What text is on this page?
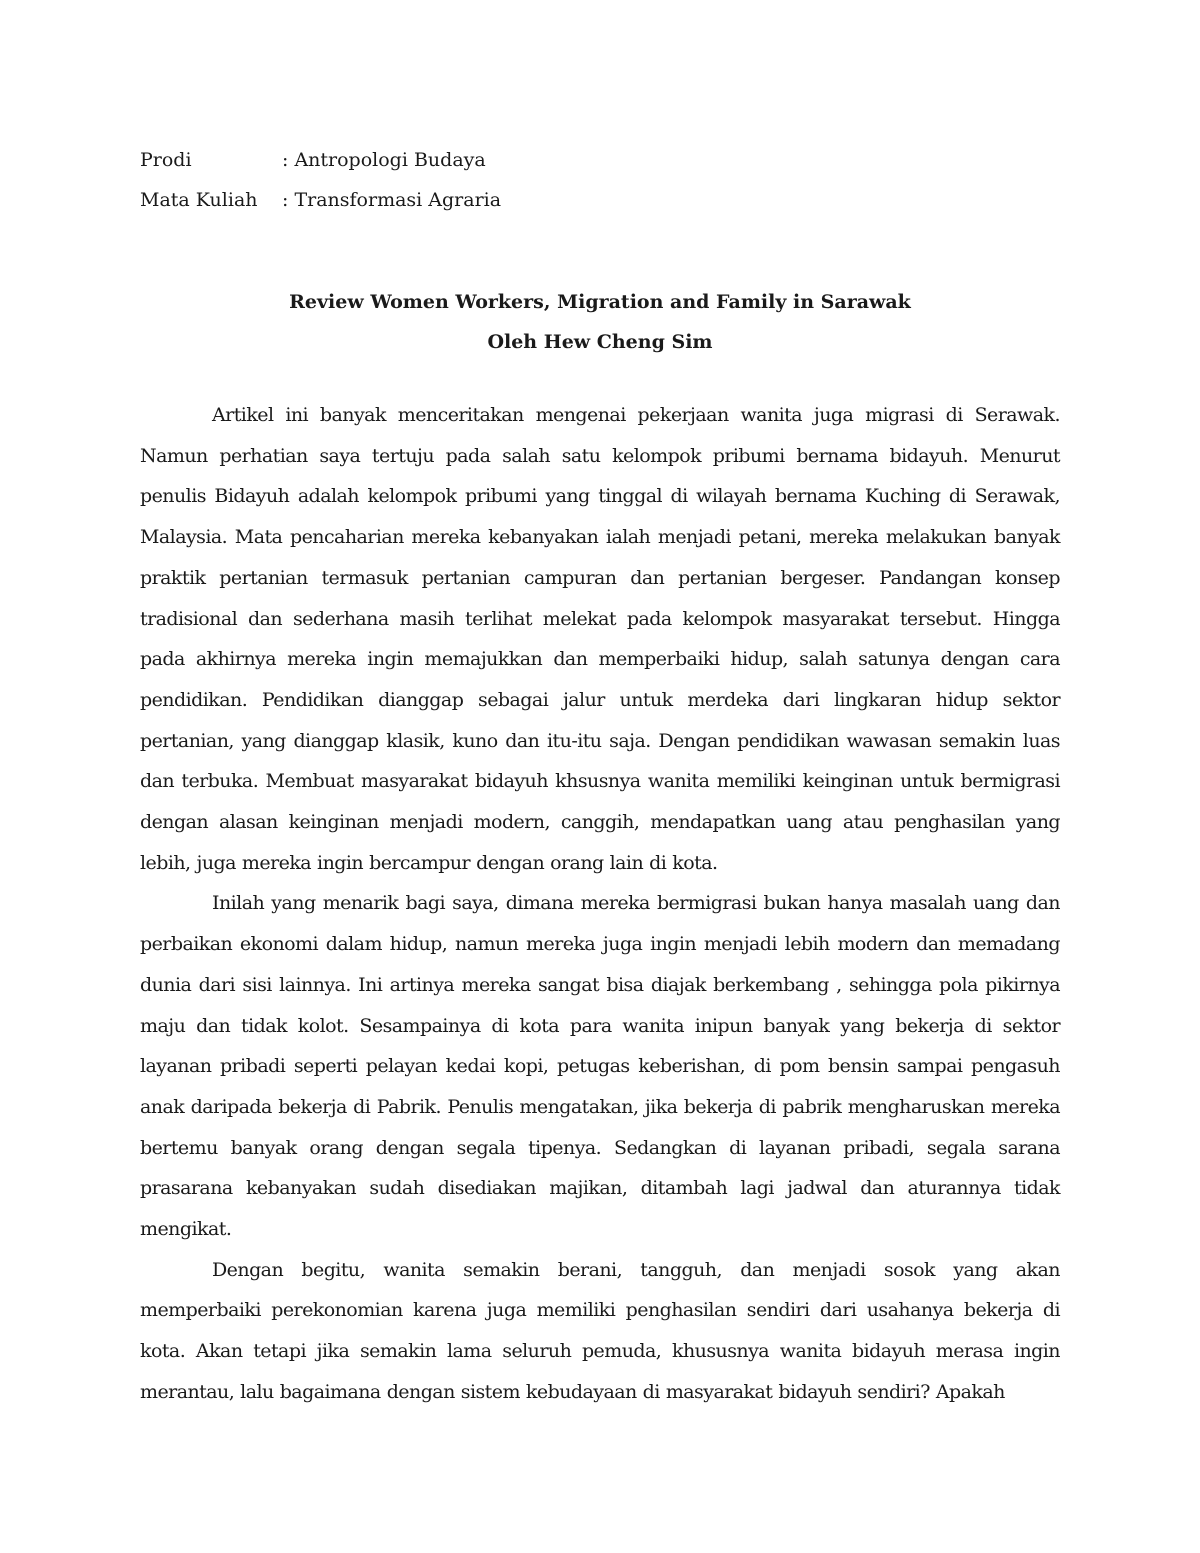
Prodi	: Antropologi Budaya
Mata Kuliah	: Transformasi Agraria
Review Women Workers, Migration and Family in Sarawak
Oleh Hew Cheng Sim

Artikel ini banyak menceritakan mengenai pekerjaan wanita juga migrasi di Serawak. Namun perhatian saya tertuju pada salah satu kelompok pribumi bernama bidayuh. Menurut penulis Bidayuh adalah kelompok pribumi yang tinggal di wilayah bernama Kuching di Serawak, Malaysia. Mata pencaharian mereka kebanyakan ialah menjadi petani, mereka melakukan banyak praktik pertanian termasuk pertanian campuran dan pertanian bergeser. Pandangan konsep tradisional dan sederhana masih terlihat melekat pada kelompok masyarakat tersebut. Hingga pada akhirnya mereka ingin memajukkan dan memperbaiki hidup, salah satunya dengan cara pendidikan. Pendidikan dianggap sebagai jalur untuk merdeka dari lingkaran hidup sektor pertanian, yang dianggap klasik, kuno dan itu-itu saja. Dengan pendidikan wawasan semakin luas dan terbuka. Membuat masyarakat bidayuh khsusnya wanita memiliki keinginan untuk bermigrasi dengan alasan keinginan menjadi modern, canggih, mendapatkan uang atau penghasilan yang lebih, juga mereka ingin bercampur dengan orang lain di kota.

Inilah yang menarik bagi saya, dimana mereka bermigrasi bukan hanya masalah uang dan perbaikan ekonomi dalam hidup, namun mereka juga ingin menjadi lebih modern dan memadang dunia dari sisi lainnya. Ini artinya mereka sangat bisa diajak berkembang , sehingga pola pikirnya maju dan tidak kolot. Sesampainya di kota para wanita inipun banyak yang bekerja di sektor layanan pribadi seperti pelayan kedai kopi, petugas keberishan, di pom bensin sampai pengasuh anak daripada bekerja di Pabrik. Penulis mengatakan, jika bekerja di pabrik mengharuskan mereka bertemu banyak orang dengan segala tipenya. Sedangkan di layanan pribadi, segala sarana prasarana kebanyakan sudah disediakan majikan, ditambah lagi jadwal dan aturannya tidak mengikat.

Dengan begitu, wanita semakin berani, tangguh, dan menjadi sosok yang akan memperbaiki perekonomian karena juga memiliki penghasilan sendiri dari usahanya bekerja di kota. Akan tetapi jika semakin lama seluruh pemuda, khususnya wanita bidayuh merasa ingin merantau, lalu bagaimana dengan sistem kebudayaan di masyarakat bidayuh sendiri? Apakah
